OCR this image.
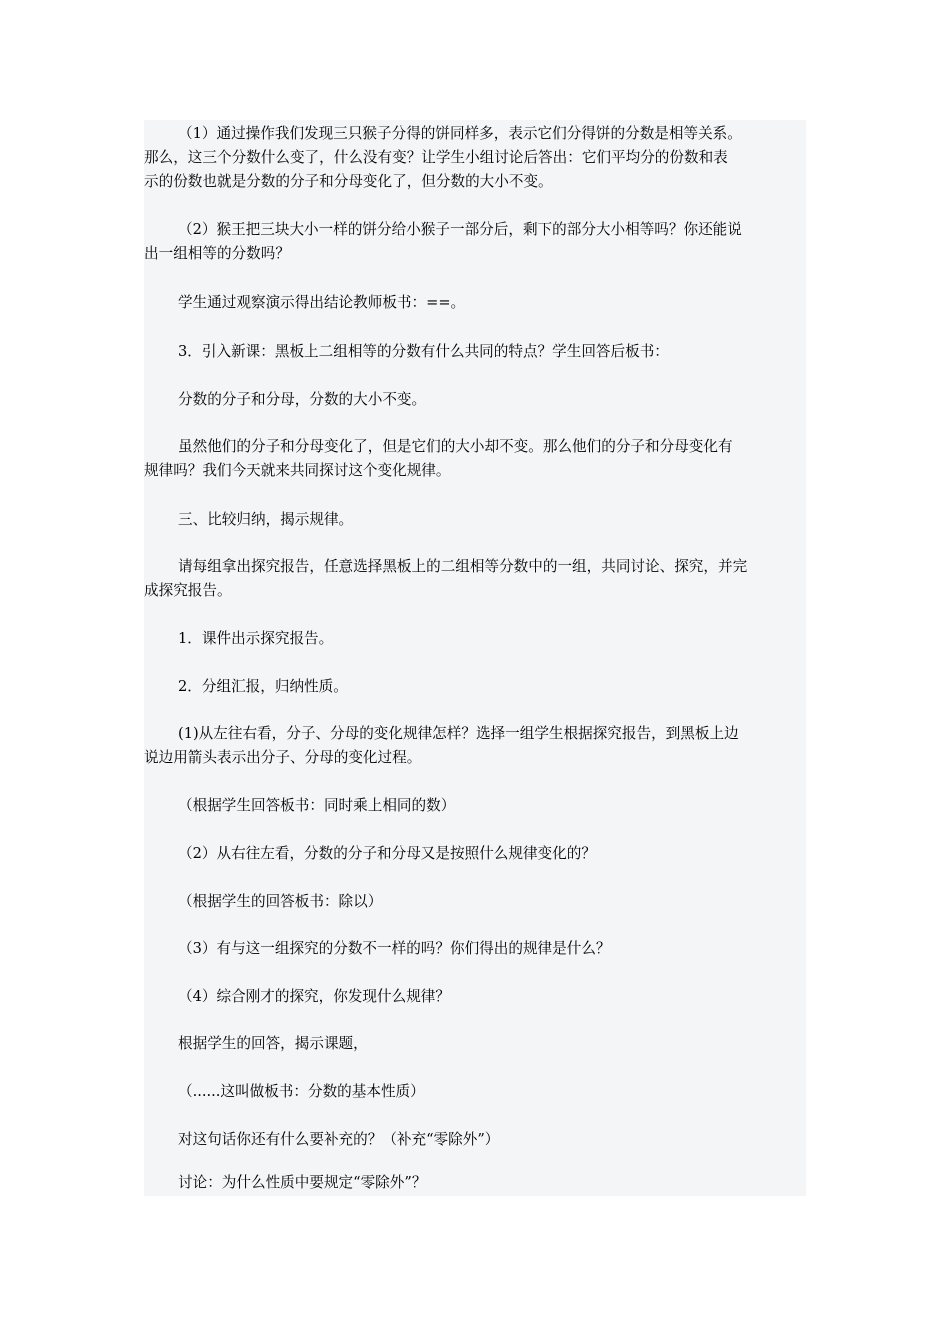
（1）通过操作我们发现三只猴子分得的饼同样多，表示它们分得饼的分数是相等关系。
那么，这三个分数什么变了，什么没有变？让学生小组讨论后答出：它们平均分的份数和表
示的份数也就是分数的分子和分母变化了，但分数的大小不变。
（2）猴王把三块大小一样的饼分给小猴子一部分后，剩下的部分大小相等吗？你还能说
出一组相等的分数吗？
学生通过观察演示得出结论教师板书：==。
3．引入新课：黑板上二组相等的分数有什么共同的特点？学生回答后板书：
分数的分子和分母，分数的大小不变。
虽然他们的分子和分母变化了，但是它们的大小却不变。那么他们的分子和分母变化有
规律吗？我们今天就来共同探讨这个变化规律。
三、比较归纳，揭示规律。
请每组拿出探究报告，任意选择黑板上的二组相等分数中的一组，共同讨论、探究，并完
成探究报告。
1．课件出示探究报告。
2．分组汇报，归纳性质。
(1)从左往右看，分子、分母的变化规律怎样？选择一组学生根据探究报告，到黑板上边
说边用箭头表示出分子、分母的变化过程。
（根据学生回答板书：同时乘上相同的数）
（2）从右往左看，分数的分子和分母又是按照什么规律变化的？
（根据学生的回答板书：除以）
（3）有与这一组探究的分数不一样的吗？你们得出的规律是什么？
（4）综合刚才的探究，你发现什么规律？
根据学生的回答，揭示课题，
（......这叫做板书：分数的基本性质）
对这句话你还有什么要补充的？（补充“零除外”）
讨论：为什么性质中要规定“零除外”？
